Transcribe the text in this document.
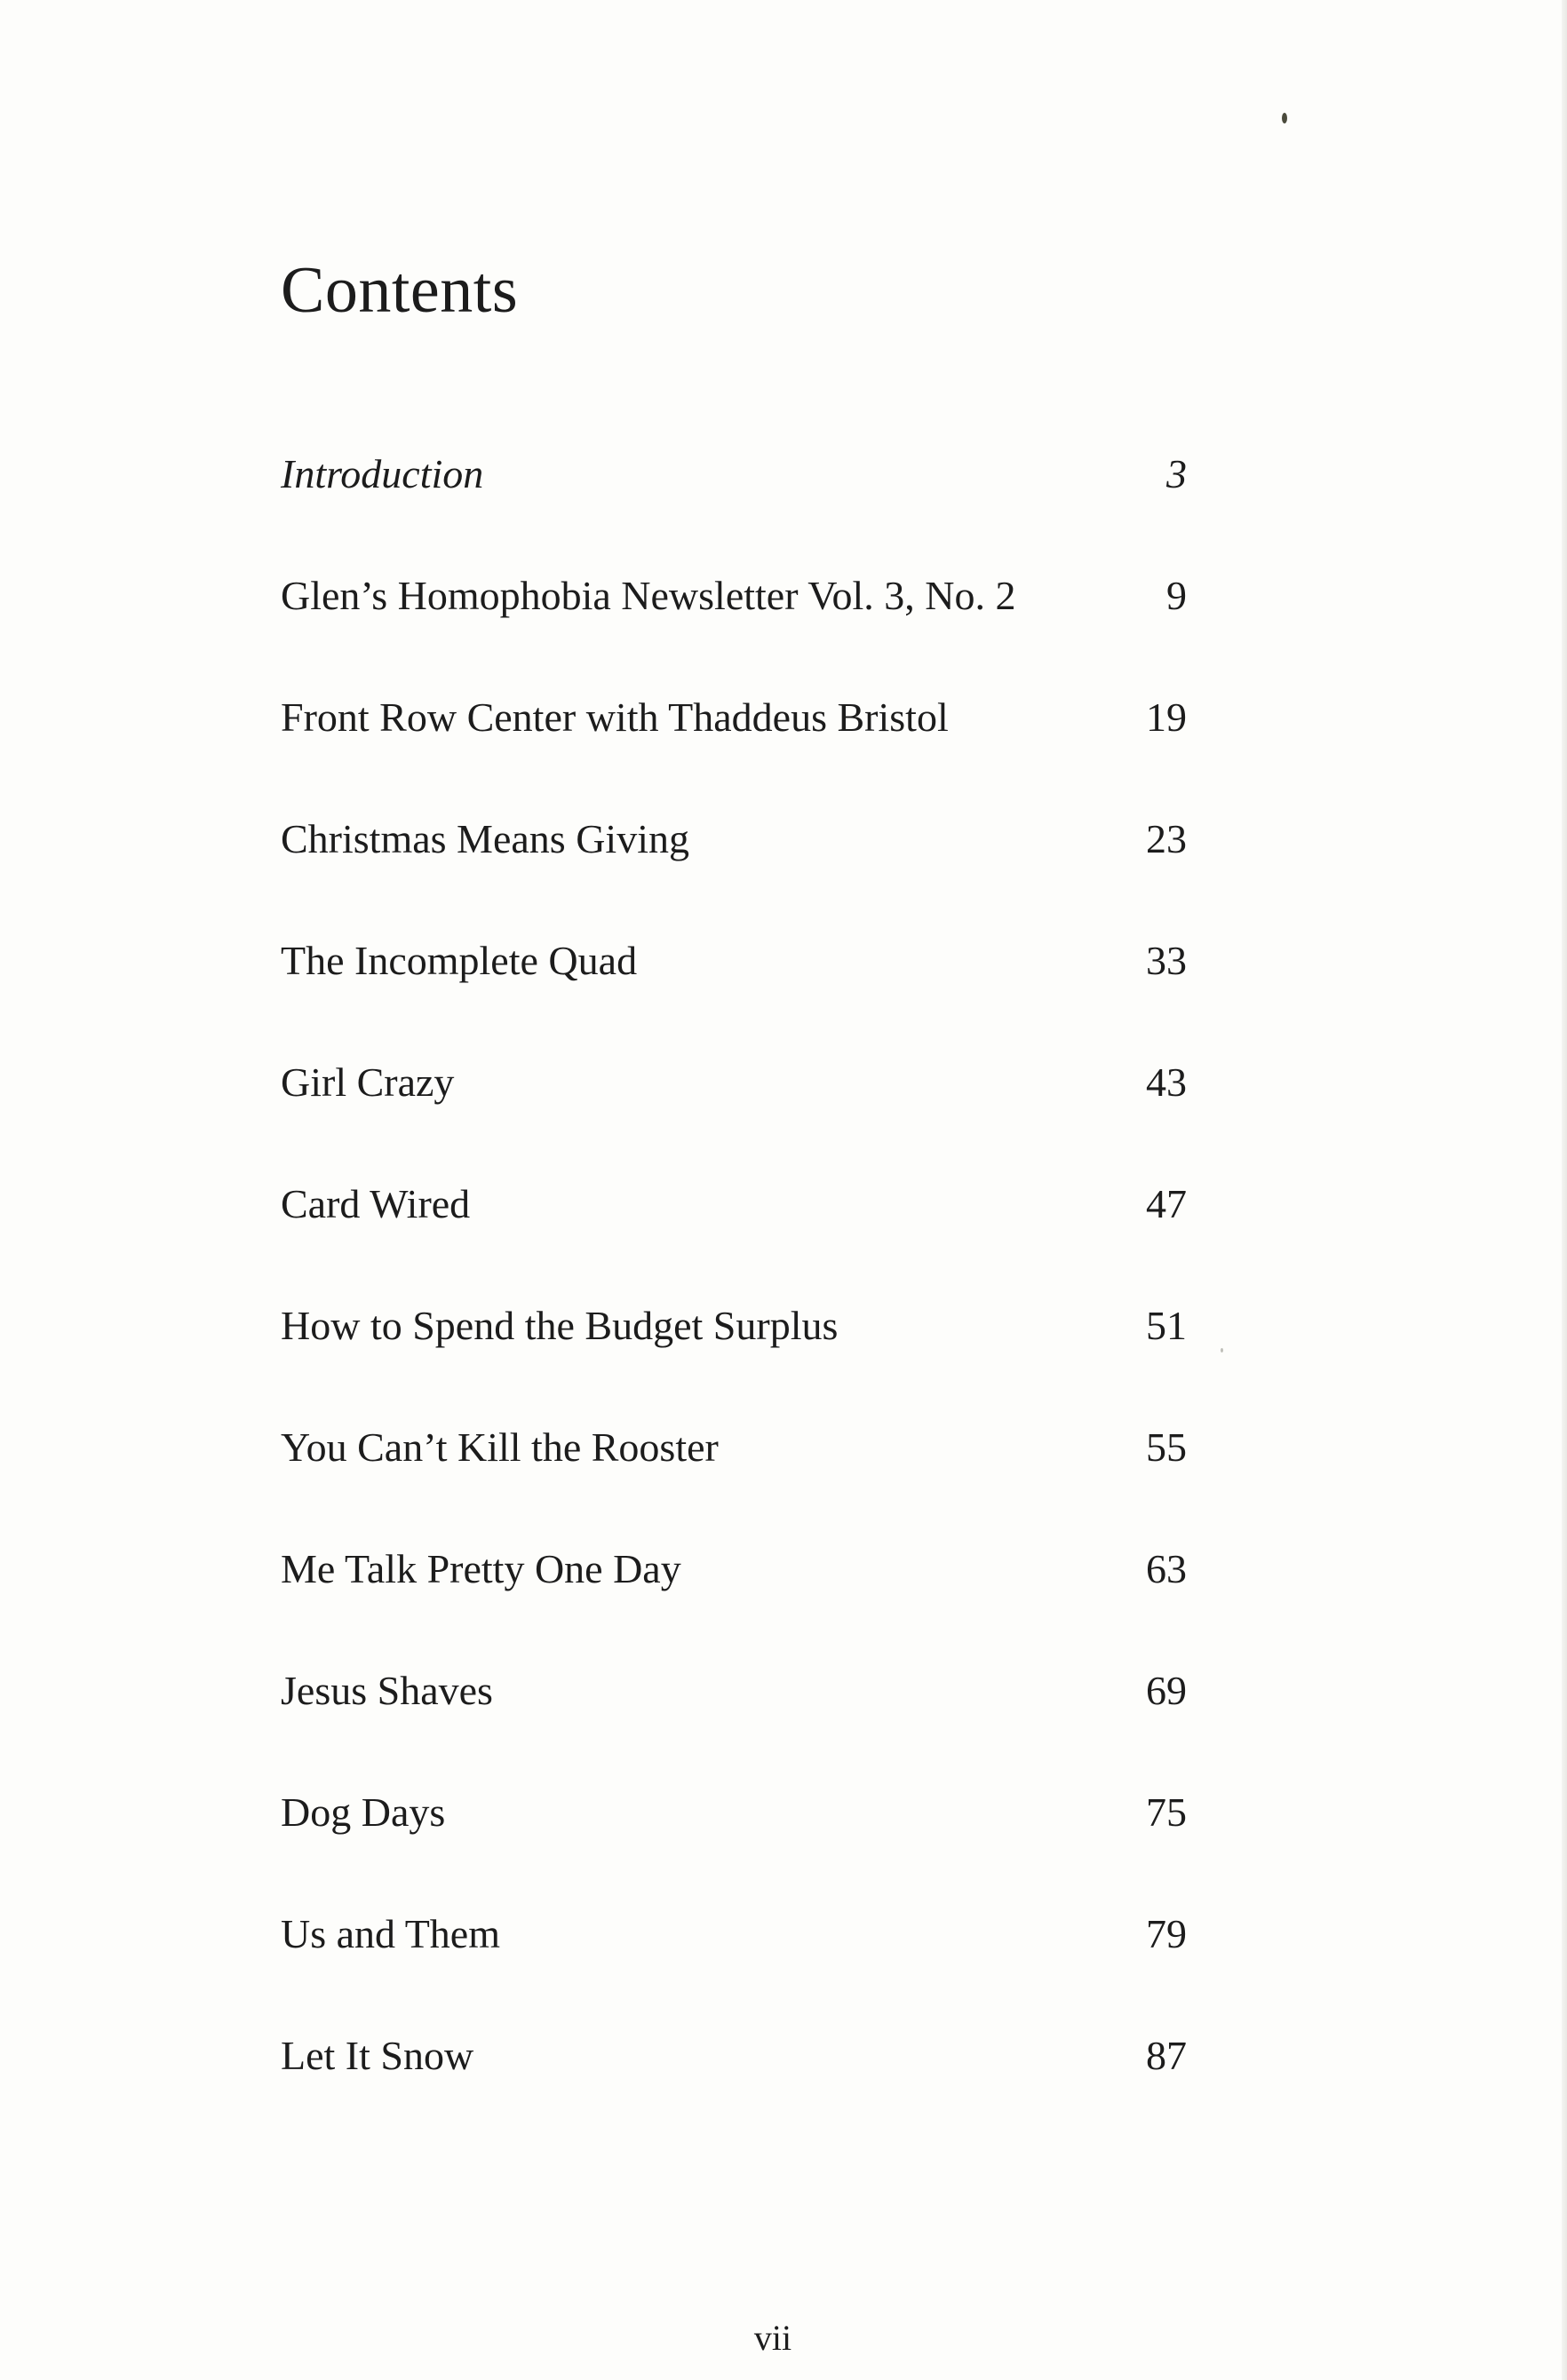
Contents
Introduction	3
Glen’s Homophobia Newsletter Vol. 3, No. 2	9
Front Row Center with Thaddeus Bristol	19
Christmas Means Giving	23
The Incomplete Quad	33
Girl Crazy	43
Card Wired	47
How to Spend the Budget Surplus	51
You Can’t Kill the Rooster	55
Me Talk Pretty One Day	63
Jesus Shaves	69
Dog Days	75
Us and Them	79
Let It Snow	87
vii
